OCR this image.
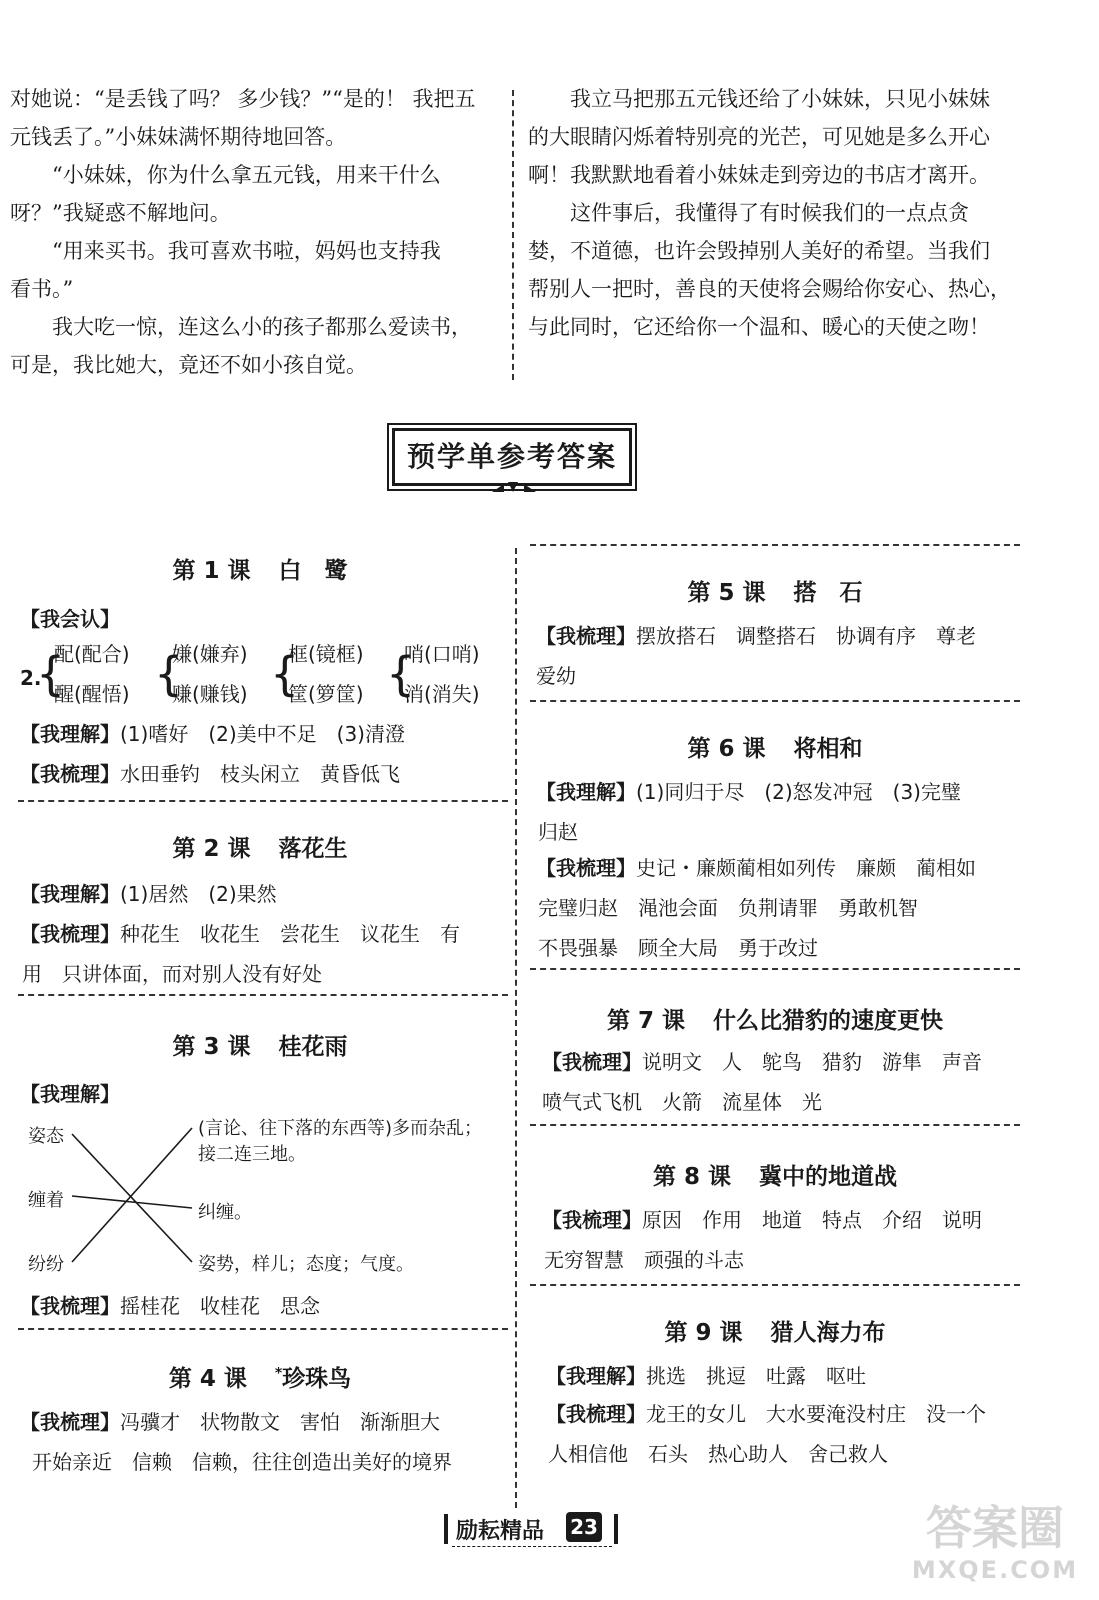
对她说：“是丢钱了吗？ 多少钱？”“是的！ 我把五

元钱丢了。”小妹妹满怀期待地回答。

　　“小妹妹，你为什么拿五元钱，用来干什么

呀？”我疑惑不解地问。

　　“用来买书。我可喜欢书啦，妈妈也支持我

看书。”

　　我大吃一惊，连这么小的孩子都那么爱读书，

可是，我比她大，竟还不如小孩自觉。

　　我立马把那五元钱还给了小妹妹，只见小妹妹

的大眼睛闪烁着特别亮的光芒，可见她是多么开心

啊！我默默地看着小妹妹走到旁边的书店才离开。

　　这件事后，我懂得了有时候我们的一点点贪

婪，不道德，也许会毁掉别人美好的希望。当我们

帮别人一把时，善良的天使将会赐给你安心、热心，

与此同时，它还给你一个温和、暖心的天使之吻！

预学单参考答案
第 1 课 白　鹭
【我会认】
2.
{
配(配合)
醒(醒悟) {
嫌(嫌弃)
赚(赚钱) {
框(镜框)
筐(箩筐) {
哨(口哨)
消(消失)
【我理解】(1)嗜好　(2)美中不足　(3)清澄
【我梳理】水田垂钓　枝头闲立　黄昏低飞
第 2 课 落花生
【我理解】(1)居然　(2)果然
【我梳理】种花生　收花生　尝花生　议花生　有
用　只讲体面，而对别人没有好处
第 3 课 桂花雨
【我理解】
姿态
缠着
纷纷
(言论、往下落的东西等)多而杂乱；
接二连三地。
纠缠。
姿势，样儿；态度；气度。
【我梳理】摇桂花　收桂花　思念
第 4 课 *珍珠鸟
【我梳理】冯骥才　状物散文　害怕　渐渐胆大
开始亲近　信赖　信赖，往往创造出美好的境界
第 5 课 搭　石
【我梳理】摆放搭石　调整搭石　协调有序　尊老
爱幼
第 6 课 将相和
【我理解】(1)同归于尽　(2)怒发冲冠　(3)完璧
归赵
【我梳理】史记・廉颇蔺相如列传　廉颇　蔺相如
完璧归赵　渑池会面　负荆请罪　勇敢机智
不畏强暴　顾全大局　勇于改过
第 7 课 什么比猎豹的速度更快
【我梳理】说明文　人　鸵鸟　猎豹　游隼　声音
喷气式飞机　火箭　流星体　光
第 8 课 冀中的地道战
【我梳理】原因　作用　地道　特点　介绍　说明
无穷智慧　顽强的斗志
第 9 课 猎人海力布
【我理解】挑选　挑逗　吐露　呕吐
【我梳理】龙王的女儿　大水要淹没村庄　没一个
人相信他　石头　热心助人　舍己救人
励耘精品 23	答案圈
MXQE.COM
